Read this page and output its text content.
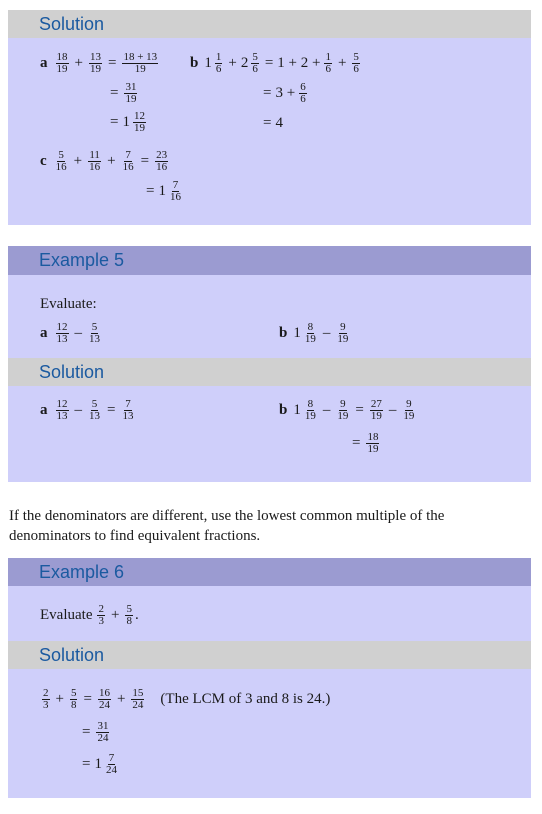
Solution
a $\frac{18}{19} + \frac{13}{19} = \frac{18 + 13}{19}$
= $\frac{31}{19}$
= $1 \frac{12}{19}$
b $1 \frac{1}{6} + 2 \frac{5}{6} = 1 + 2 + \frac{1}{6} + \frac{5}{6}$
= $3 + \frac{6}{6}$
= 4
c $\frac{5}{16} + \frac{11}{16} + \frac{7}{16} = \frac{23}{16}$
= $1 \frac{7}{16}$
Example 5
Evaluate:
a $\frac{12}{13} - \frac{5}{13}$	b $1 \frac{8}{19} - \frac{9}{19}$
Solution
a $\frac{12}{13} - \frac{5}{13} = \frac{7}{13}$	b $1 \frac{8}{19} - \frac{9}{19} = \frac{27}{19} - \frac{9}{19}$
= $\frac{18}{19}$
If the denominators are different, use the lowest common multiple of the denominators to find equivalent fractions.
Example 6
Evaluate $\frac{2}{3} + \frac{5}{8}$ .
Solution
$\frac{2}{3} + \frac{5}{8} = \frac{16}{24} + \frac{15}{24} (The$ LCM of 3 and 8 is 24.)
= $\frac{31}{24}$
= $1 \frac{7}{24}$
